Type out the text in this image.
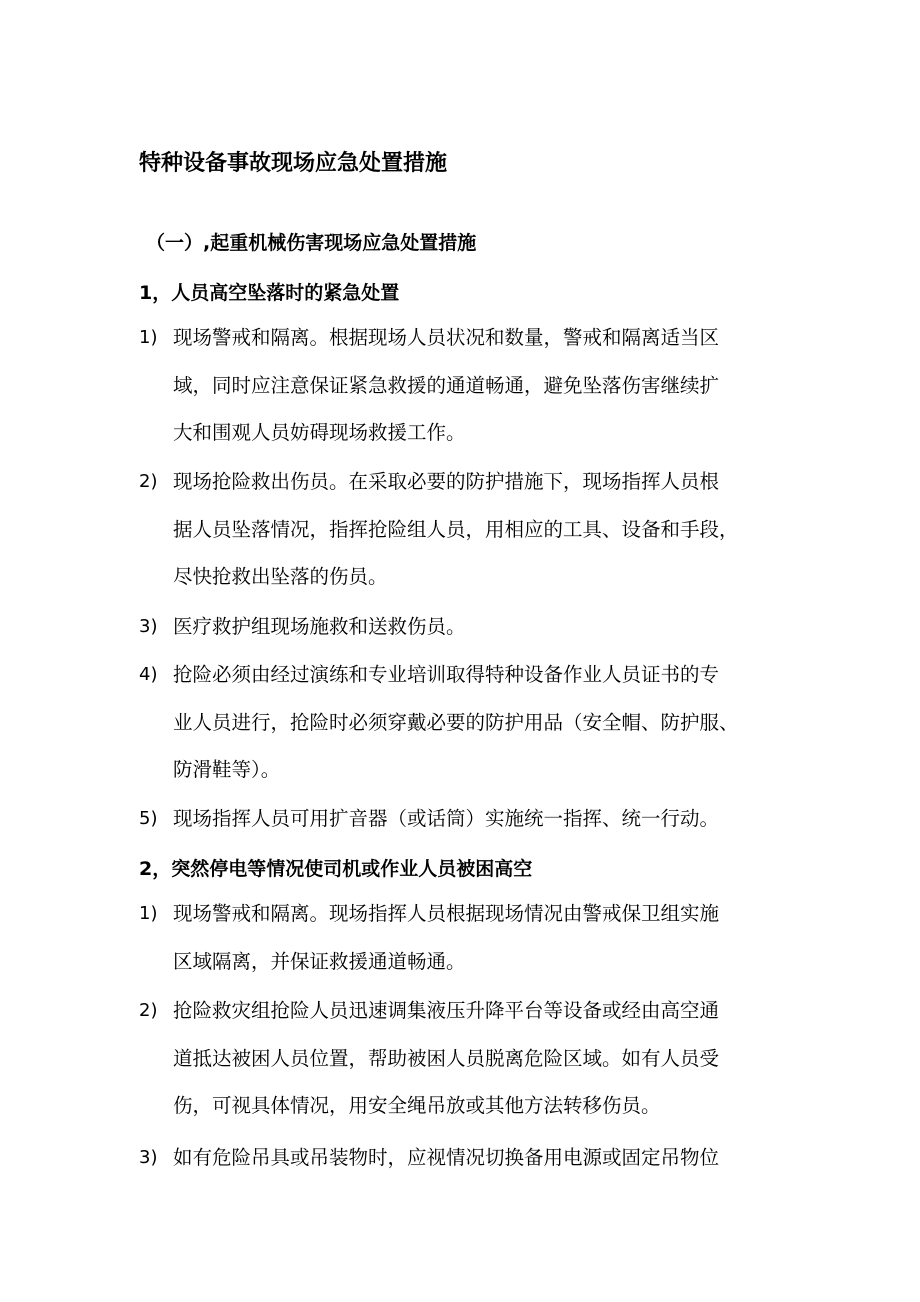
特种设备事故现场应急处置措施
（一）,起重机械伤害现场应急处置措施
1，人员高空坠落时的紧急处置
1) 现场警戒和隔离。根据现场人员状况和数量，警戒和隔离适当区
域，同时应注意保证紧急救援的通道畅通，避免坠落伤害继续扩
大和围观人员妨碍现场救援工作。
2) 现场抢险救出伤员。在采取必要的防护措施下，现场指挥人员根
据人员坠落情况，指挥抢险组人员，用相应的工具、设备和手段，
尽快抢救出坠落的伤员。
3) 医疗救护组现场施救和送救伤员。
4) 抢险必须由经过演练和专业培训取得特种设备作业人员证书的专
业人员进行，抢险时必须穿戴必要的防护用品（安全帽、防护服、
防滑鞋等）。
5) 现场指挥人员可用扩音器（或话筒）实施统一指挥、统一行动。
2，突然停电等情况使司机或作业人员被困高空
1) 现场警戒和隔离。现场指挥人员根据现场情况由警戒保卫组实施
区域隔离，并保证救援通道畅通。
2) 抢险救灾组抢险人员迅速调集液压升降平台等设备或经由高空通
道抵达被困人员位置，帮助被困人员脱离危险区域。如有人员受
伤，可视具体情况，用安全绳吊放或其他方法转移伤员。
3) 如有危险吊具或吊装物时，应视情况切换备用电源或固定吊物位
